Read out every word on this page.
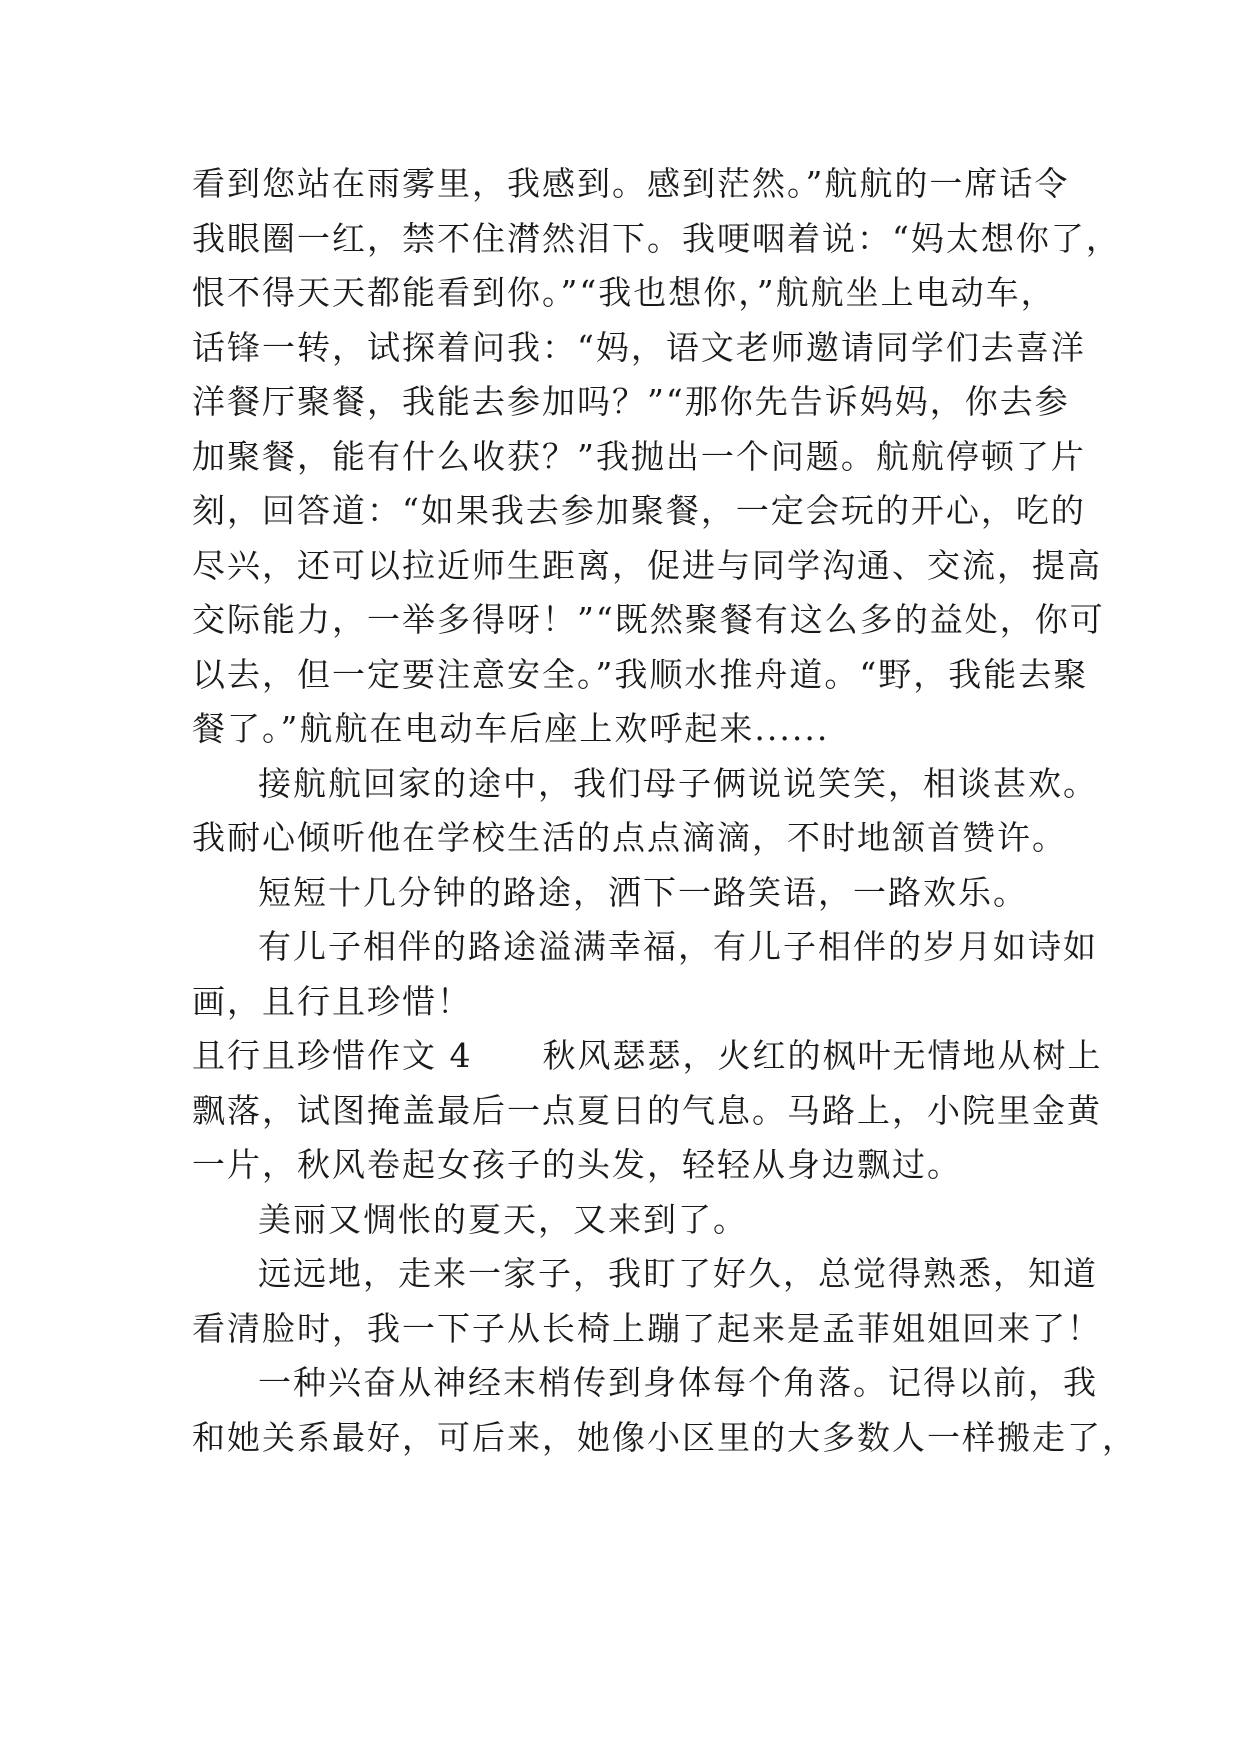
看到您站在雨雾里，我感到。感到茫然。”航航的一席话令
我眼圈一红，禁不住潸然泪下。我哽咽着说：“妈太想你了，
恨不得天天都能看到你。”“我也想你，”航航坐上电动车，
话锋一转，试探着问我：“妈，语文老师邀请同学们去喜洋
洋餐厅聚餐，我能去参加吗？”“那你先告诉妈妈，你去参
加聚餐，能有什么收获？”我抛出一个问题。航航停顿了片
刻，回答道：“如果我去参加聚餐，一定会玩的开心，吃的
尽兴，还可以拉近师生距离，促进与同学沟通、交流，提高
交际能力，一举多得呀！”“既然聚餐有这么多的益处，你可
以去，但一定要注意安全。”我顺水推舟道。“野，我能去聚
餐了。”航航在电动车后座上欢呼起来......
接航航回家的途中，我们母子俩说说笑笑，相谈甚欢。
我耐心倾听他在学校生活的点点滴滴，不时地颔首赞许。
短短十几分钟的路途，洒下一路笑语，一路欢乐。
有儿子相伴的路途溢满幸福，有儿子相伴的岁月如诗如
画，且行且珍惜！
且行且珍惜作文 4　　秋风瑟瑟，火红的枫叶无情地从树上
飘落，试图掩盖最后一点夏日的气息。马路上，小院里金黄
一片，秋风卷起女孩子的头发，轻轻从身边飘过。
美丽又惆怅的夏天，又来到了。
远远地，走来一家子，我盯了好久，总觉得熟悉，知道
看清脸时，我一下子从长椅上蹦了起来是孟菲姐姐回来了！
一种兴奋从神经末梢传到身体每个角落。记得以前，我
和她关系最好，可后来，她像小区里的大多数人一样搬走了，
